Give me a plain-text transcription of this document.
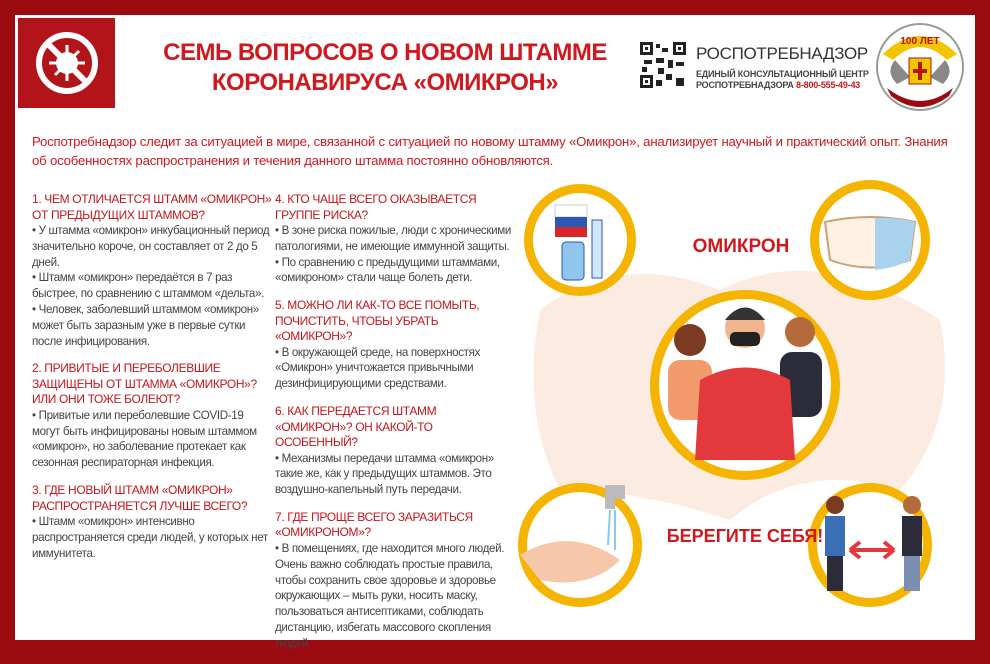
СЕМЬ ВОПРОСОВ О НОВОМ ШТАММЕ
КОРОНАВИРУСА «ОМИКРОН»
РОСПОТРЕБНАДЗОР
ЕДИНЫЙ КОНСУЛЬТАЦИОННЫЙ ЦЕНТР
РОСПОТРЕБНАДЗОРА 8-800-555-49-43
100 ЛЕТ
Роспотребнадзор следит за ситуацией в мире, связанной с ситуацией по новому штамму «Омикрон», анализирует научный и практический опыт. Знания об особенностях распространения и течения данного штамма постоянно обновляются.
1. ЧЕМ ОТЛИЧАЕТСЯ ШТАММ «ОМИКРОН» ОТ ПРЕДЫДУЩИХ ШТАММОВ?
• У штамма «омикрон» инкубационный период значительно короче, он составляет от 2 до 5 дней.
• Штамм «омикрон» передаётся в 7 раз быстрее, по сравнению с штаммом «дельта».
• Человек, заболевший штаммом «омикрон» может быть заразным уже в первые сутки после инфицирования.
2. ПРИВИТЫЕ И ПЕРЕБОЛЕВШИЕ ЗАЩИЩЕНЫ ОТ ШТАММА «ОМИКРОН»? ИЛИ ОНИ ТОЖЕ БОЛЕЮТ?
• Привитые или переболевшие COVID-19 могут быть инфицированы новым штаммом «омикрон», но заболевание протекает как сезонная респираторная инфекция.
3. ГДЕ НОВЫЙ ШТАММ «ОМИКРОН» РАСПРОСТРАНЯЕТСЯ ЛУЧШЕ ВСЕГО?
• Штамм «омикрон» интенсивно распространяется среди людей, у которых нет иммунитета.
4. КТО ЧАЩЕ ВСЕГО ОКАЗЫВАЕТСЯ ГРУППЕ РИСКА?
• В зоне риска пожилые, люди с хроническими патологиями, не имеющие иммунной защиты.
• По сравнению с предыдущими штаммами, «омикроном» стали чаще болеть дети.
5. МОЖНО ЛИ КАК-ТО ВСЕ ПОМЫТЬ, ПОЧИСТИТЬ, ЧТОБЫ УБРАТЬ «ОМИКРОН»?
• В окружающей среде, на поверхностях «Омикрон» уничтожается привычными дезинфицирующими средствами.
6. КАК ПЕРЕДАЕТСЯ ШТАММ «ОМИКРОН»? ОН КАКОЙ-ТО ОСОБЕННЫЙ?
• Механизмы передачи штамма «омикрон» такие же, как у предыдущих штаммов. Это воздушно-капельный путь передачи.
7. ГДЕ ПРОЩЕ ВСЕГО ЗАРАЗИТЬСЯ «ОМИКРОНОМ»?
• В помещениях, где находится много людей. Очень важно соблюдать простые правила, чтобы сохранить свое здоровье и здоровье окружающих – мыть руки, носить маску, пользоваться антисептиками, соблюдать дистанцию, избегать массового скопления людей.
ОМИКРОН
БЕРЕГИТЕ СЕБЯ!
